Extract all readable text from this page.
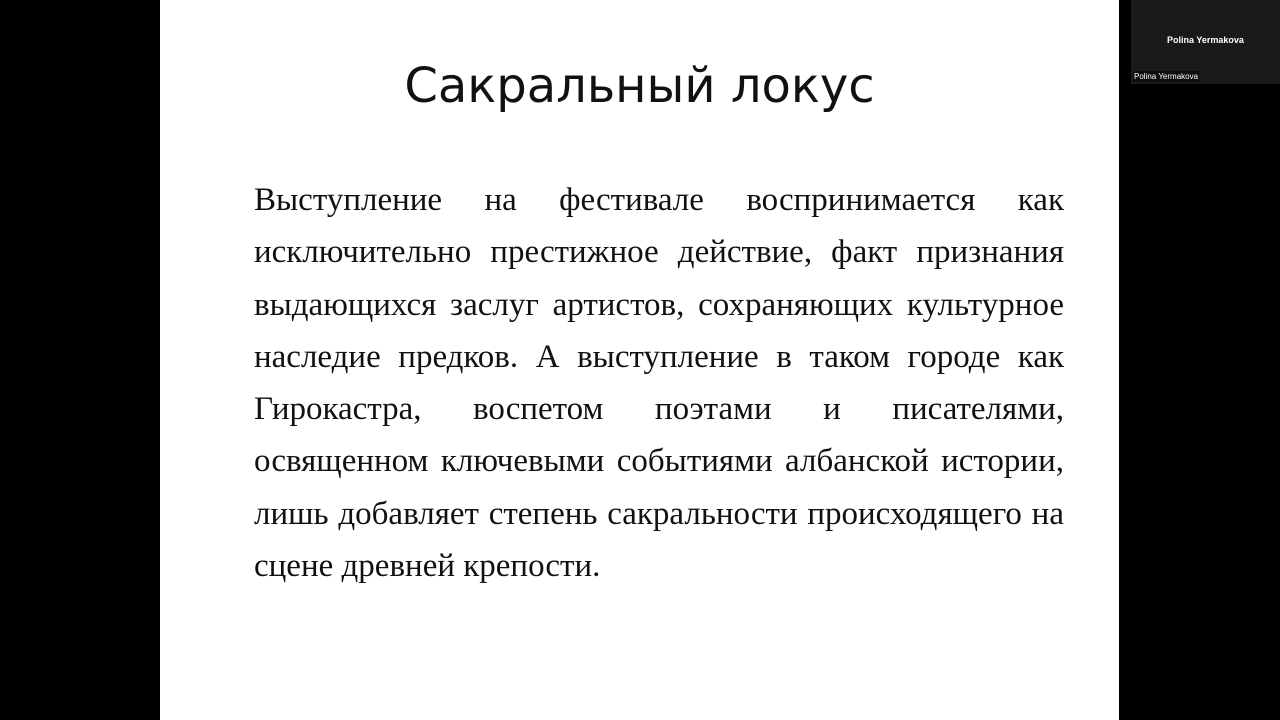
Сакральный локус

Выступление на фестивале воспринимается как исключительно престижное действие, факт признания выдающихся заслуг артистов, сохраняющих культурное наследие предков. А выступление в таком городе как Гирокастра, воспетом поэтами и писателями, освященном ключевыми событиями албанской истории, лишь добавляет степень сакральности происходящего на сцене древней крепости.

Polina Yermakova
Polina Yermakova
